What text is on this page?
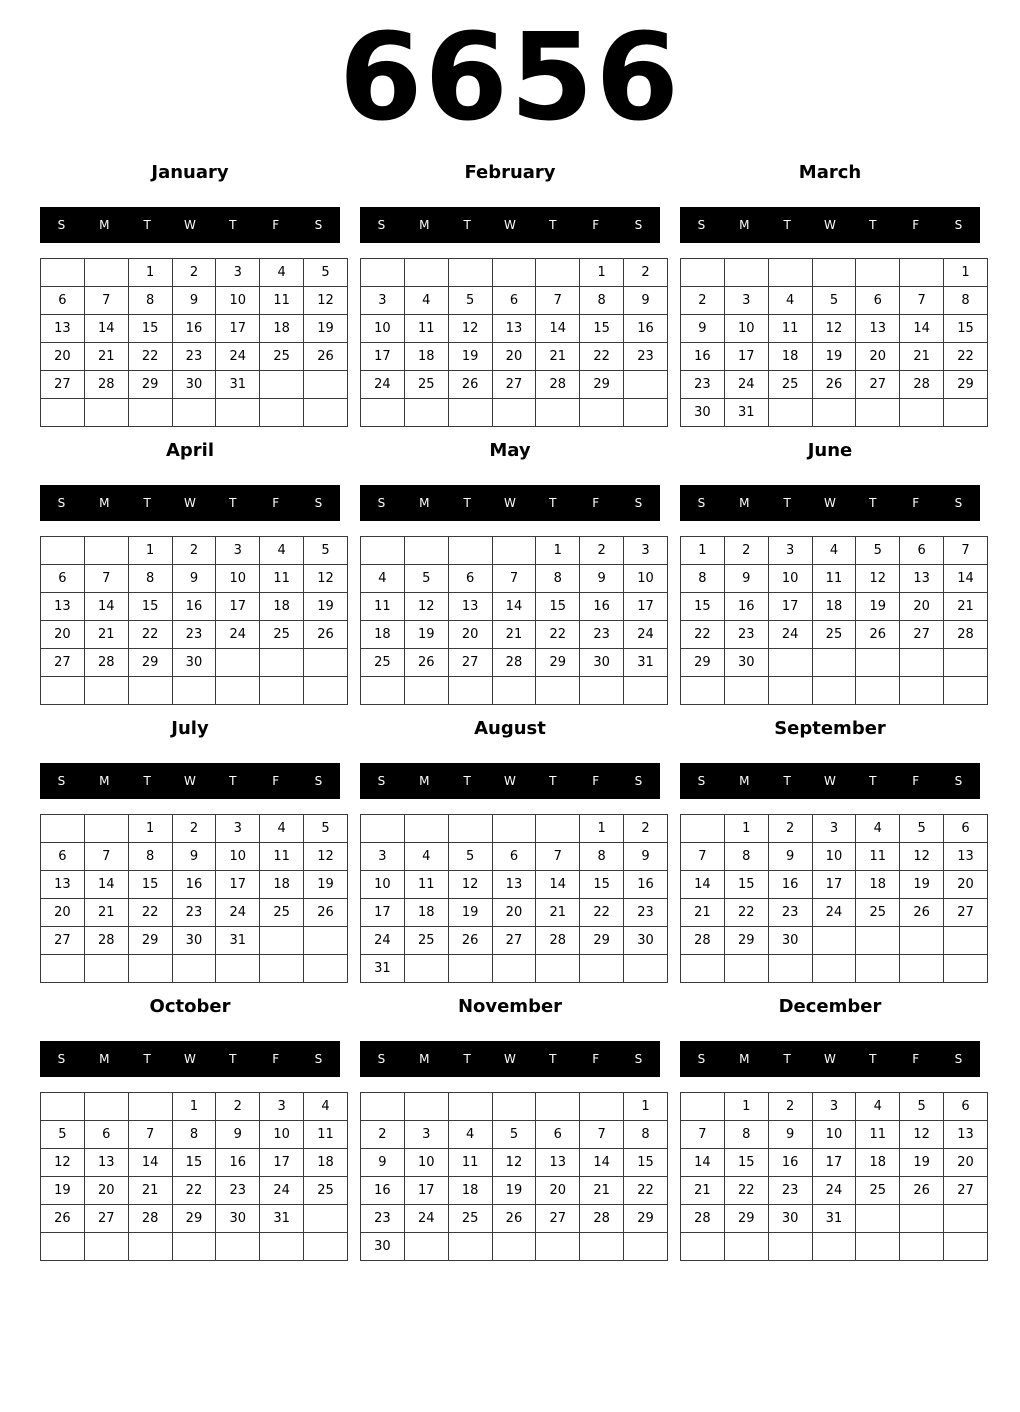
6656
January
S	M	T	W	T	F	S
		1	2	3	4	5
6	7	8	9	10	11	12
13	14	15	16	17	18	19
20	21	22	23	24	25	26
27	28	29	30	31		

February
S	M	T	W	T	F	S
					1	2
3	4	5	6	7	8	9
10	11	12	13	14	15	16
17	18	19	20	21	22	23
24	25	26	27	28	29	

March
S	M	T	W	T	F	S
						1
2	3	4	5	6	7	8
9	10	11	12	13	14	15
16	17	18	19	20	21	22
23	24	25	26	27	28	29
30	31					
April
S	M	T	W	T	F	S
		1	2	3	4	5
6	7	8	9	10	11	12
13	14	15	16	17	18	19
20	21	22	23	24	25	26
27	28	29	30			

May
S	M	T	W	T	F	S
				1	2	3
4	5	6	7	8	9	10
11	12	13	14	15	16	17
18	19	20	21	22	23	24
25	26	27	28	29	30	31

June
S	M	T	W	T	F	S
1	2	3	4	5	6	7
8	9	10	11	12	13	14
15	16	17	18	19	20	21
22	23	24	25	26	27	28
29	30					

July
S	M	T	W	T	F	S
		1	2	3	4	5
6	7	8	9	10	11	12
13	14	15	16	17	18	19
20	21	22	23	24	25	26
27	28	29	30	31		

August
S	M	T	W	T	F	S
					1	2
3	4	5	6	7	8	9
10	11	12	13	14	15	16
17	18	19	20	21	22	23
24	25	26	27	28	29	30
31						
September
S	M	T	W	T	F	S
	1	2	3	4	5	6
7	8	9	10	11	12	13
14	15	16	17	18	19	20
21	22	23	24	25	26	27
28	29	30				

October
S	M	T	W	T	F	S
			1	2	3	4
5	6	7	8	9	10	11
12	13	14	15	16	17	18
19	20	21	22	23	24	25
26	27	28	29	30	31	

November
S	M	T	W	T	F	S
						1
2	3	4	5	6	7	8
9	10	11	12	13	14	15
16	17	18	19	20	21	22
23	24	25	26	27	28	29
30						
December
S	M	T	W	T	F	S
	1	2	3	4	5	6
7	8	9	10	11	12	13
14	15	16	17	18	19	20
21	22	23	24	25	26	27
28	29	30	31			
